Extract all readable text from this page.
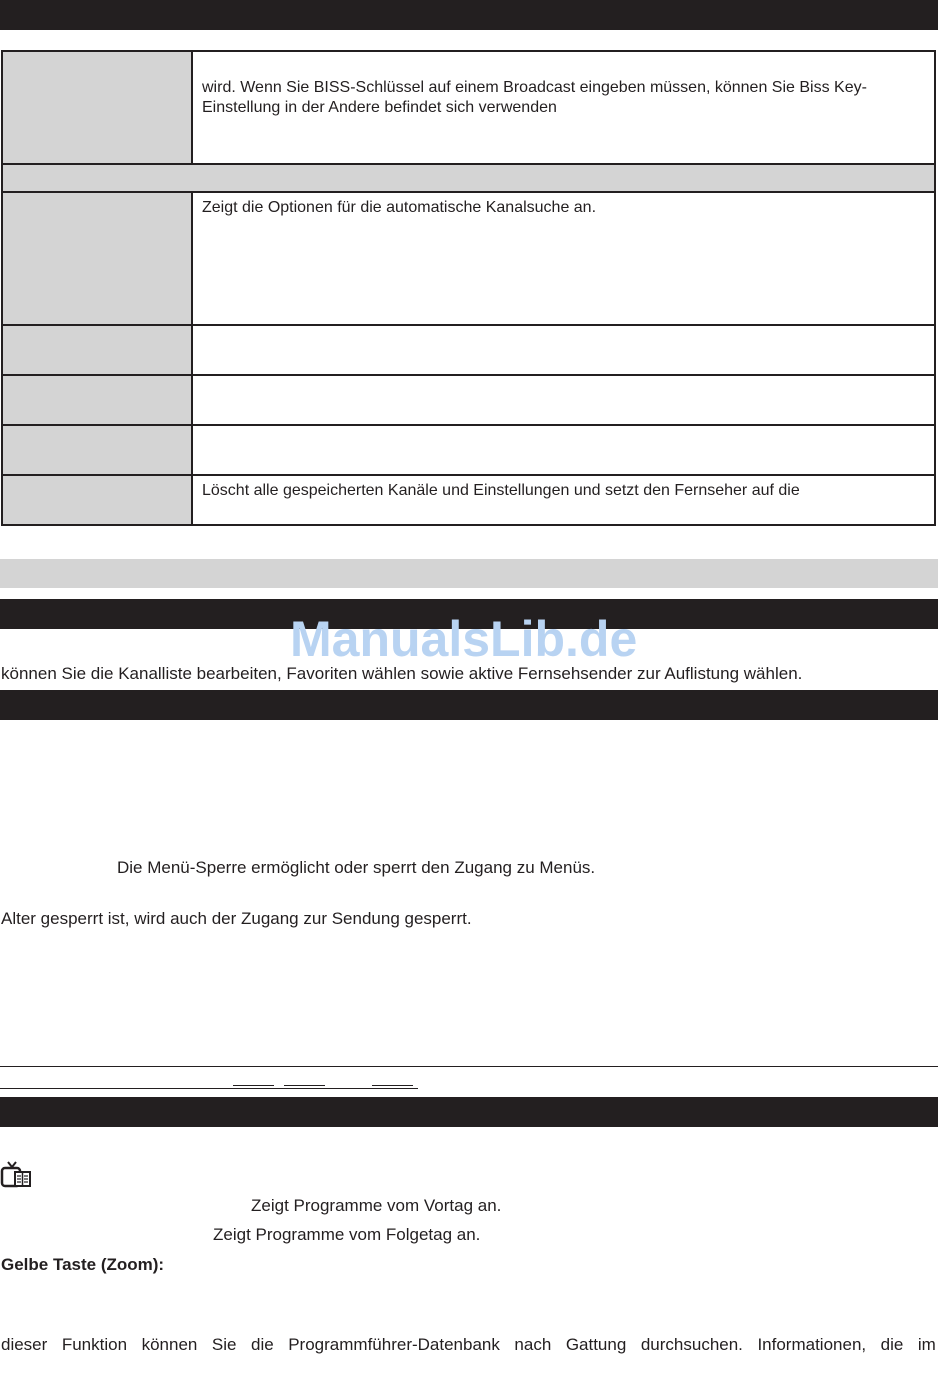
	wird. Wenn Sie BISS-Schlüssel auf einem Broadcast eingeben müssen, können Sie Biss Key-
Einstellung in der Andere befindet sich verwenden

	Zeigt die Optionen für die automatische Kanalsuche an.

	Löscht alle gespeicherten Kanäle und Einstellungen und setzt den Fernseher auf die
ManualsLib.de
können Sie die Kanalliste bearbeiten, Favoriten wählen sowie aktive Fernsehsender zur Auflistung wählen.
Die Menü-Sperre ermöglicht oder sperrt den Zugang zu Menüs.
Alter gesperrt ist, wird auch der Zugang zur Sendung gesperrt.
Zeigt Programme vom Vortag an.
Zeigt Programme vom Folgetag an.
Gelbe Taste (Zoom):
dieser Funktion können Sie die Programmführer-Datenbank nach Gattung durchsuchen. Informationen, die im
